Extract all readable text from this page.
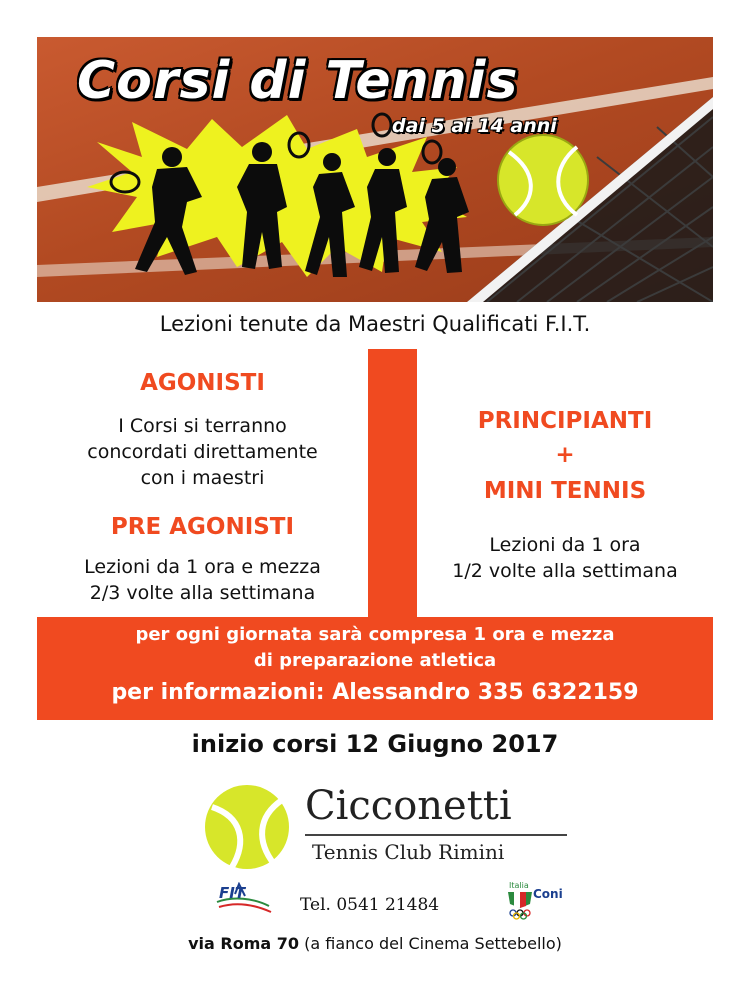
Corsi di Tennis
dai 5 ai 14 anni
Lezioni tenute da Maestri Qualificati F.I.T.
AGONISTI
I Corsi si terranno
concordati direttamente
con i maestri
PRE AGONISTI
Lezioni da 1 ora e mezza
2/3 volte alla settimana
PRINCIPIANTI
+
MINI TENNIS
Lezioni da 1 ora
1/2 volte alla settimana
per ogni giornata sarà compresa 1 ora e mezza
di preparazione atletica
per informazioni: Alessandro 335 6322159
inizio corsi 12 Giugno 2017
Cicconetti
Tennis Club Rimini
FIT
Tel. 0541 21484
Italia
Coni
via Roma 70 (a fianco del Cinema Settebello)
